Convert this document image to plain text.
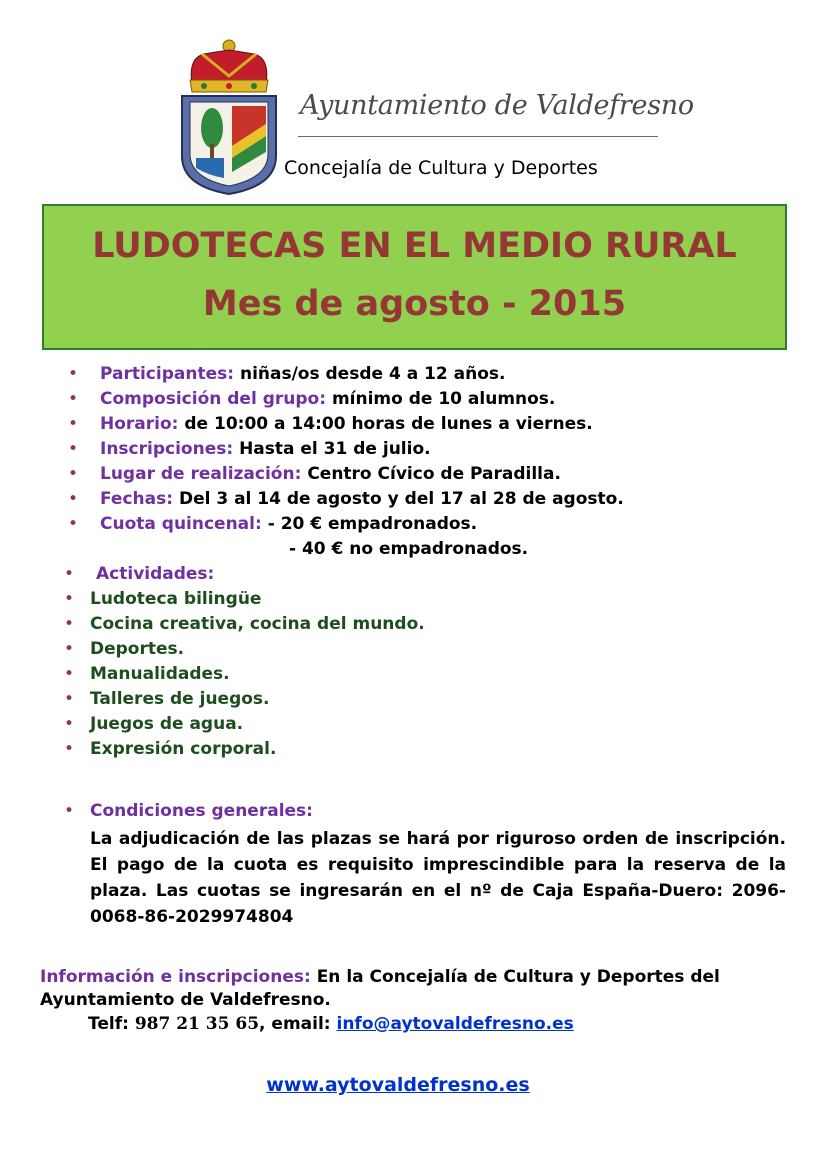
Ayuntamiento de Valdefresno
Concejalía de Cultura y Deportes
LUDOTECAS EN EL MEDIO RURAL
Mes de agosto - 2015
• Participantes: niñas/os desde 4 a 12 años.
• Composición del grupo: mínimo de 10 alumnos.
• Horario: de 10:00 a 14:00 horas de lunes a viernes.
• Inscripciones: Hasta el 31 de julio.
• Lugar de realización: Centro Cívico de Paradilla.
• Fechas: Del 3 al 14 de agosto y del 17 al 28 de agosto.
• Cuota quincenal: - 20 € empadronados.
- 40 € no empadronados.
• Actividades:
• Ludoteca bilingüe
• Cocina creativa, cocina del mundo.
• Deportes.
• Manualidades.
• Talleres de juegos.
• Juegos de agua.
• Expresión corporal.
• Condiciones generales:
La adjudicación de las plazas se hará por riguroso orden de inscripción. El pago de la cuota es requisito imprescindible para la reserva de la plaza. Las cuotas se ingresarán en el nº de Caja España-Duero: 2096-0068-86-2029974804
Información e inscripciones: En la Concejalía de Cultura y Deportes del Ayuntamiento de Valdefresno.
Telf: 987 21 35 65, email: info@aytovaldefresno.es
www.aytovaldefresno.es
